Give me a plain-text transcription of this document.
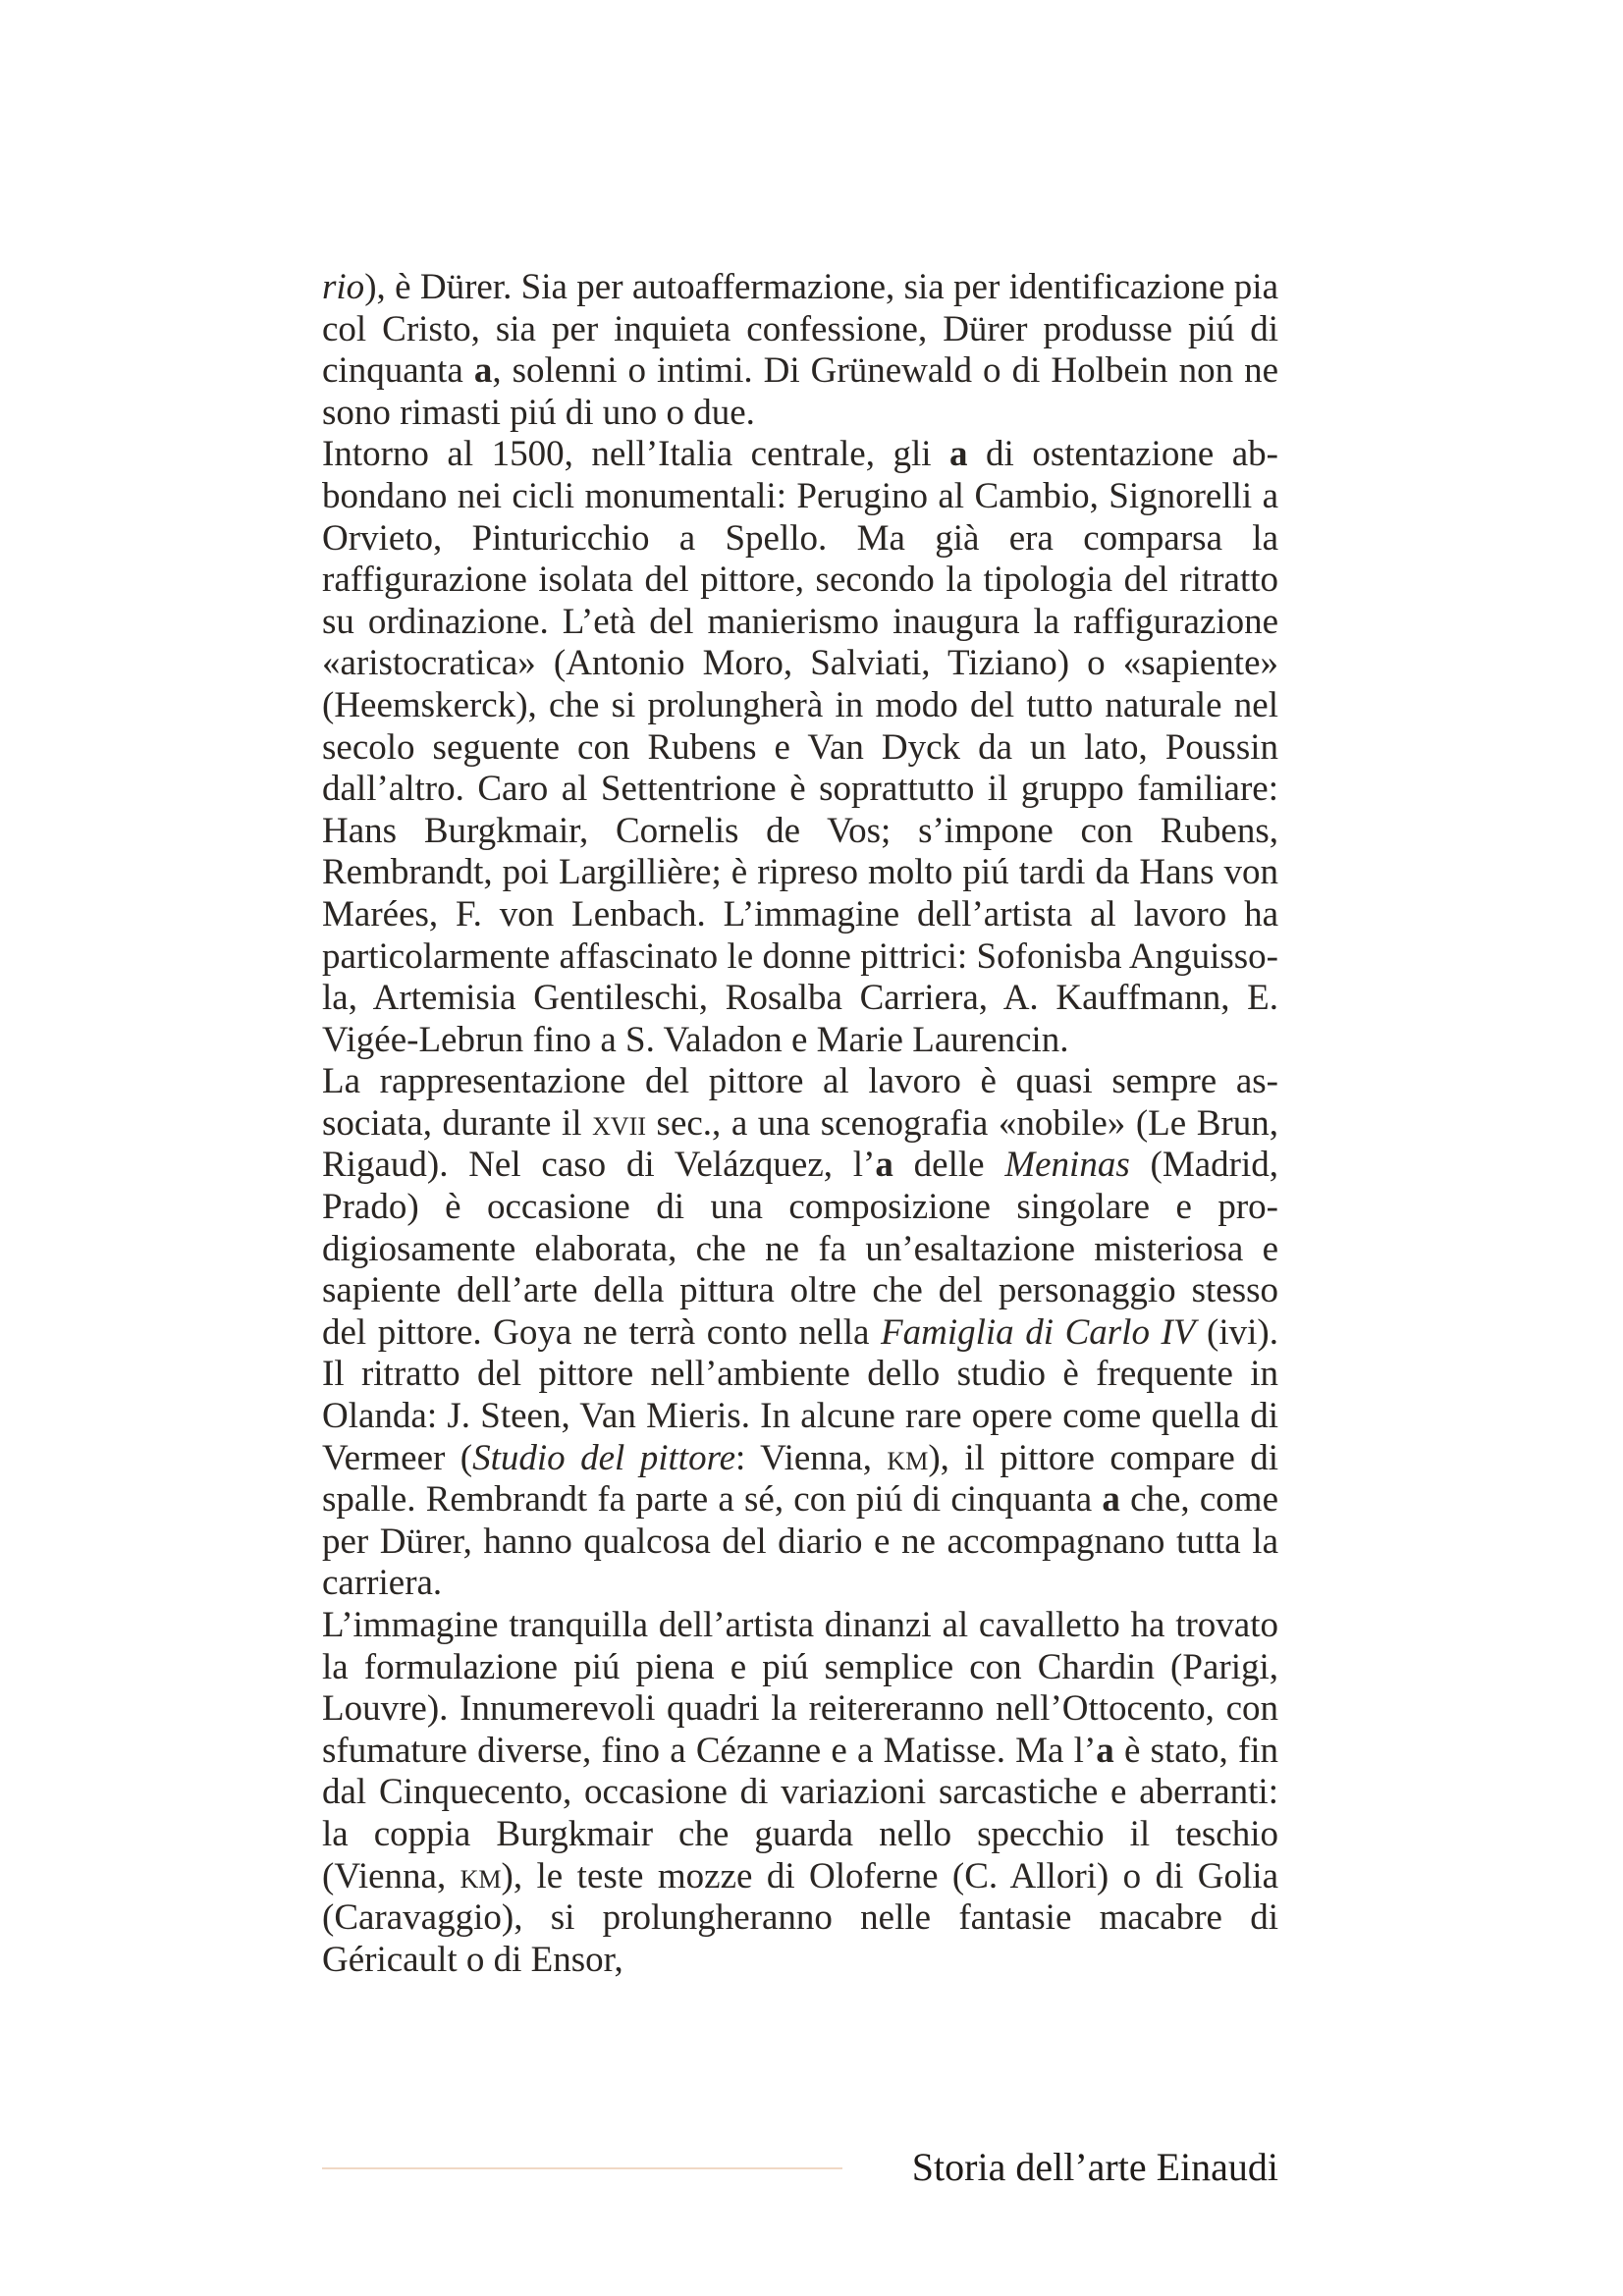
rio), è Dürer. Sia per autoaffermazione, sia per identificazione pia col Cristo, sia per inquieta confessione, Dürer produsse piú di cinquanta a, solenni o intimi. Di Grünewald o di Holbein non ne sono rimasti piú di uno o due.

Intorno al 1500, nell’Italia centrale, gli a di ostentazione abbondano nei cicli monumentali: Perugino al Cambio, Signorelli a Orvieto, Pinturicchio a Spello. Ma già era comparsa la raffigurazione isolata del pittore, secondo la tipologia del ritratto su ordinazione. L’età del manierismo inaugura la raffigurazione «aristocratica» (Antonio Moro, Salviati, Tiziano) o «sapiente» (Heemskerck), che si prolungherà in modo del tutto naturale nel secolo seguente con Rubens e Van Dyck da un lato, Poussin dall’altro. Caro al Settentrione è soprattutto il gruppo familiare: Hans Burgkmair, Cornelis de Vos; s’impone con Rubens, Rembrandt, poi Largillière; è ripreso molto piú tardi da Hans von Marées, F. von Lenbach. L’immagine dell’artista al lavoro ha particolarmente affascinato le donne pittrici: Sofonisba Anguissola, Artemisia Gentileschi, Rosalba Carriera, A. Kauffmann, E. Vigée-Lebrun fino a S. Valadon e Marie Laurencin.

La rappresentazione del pittore al lavoro è quasi sempre associata, durante il xvii sec., a una scenografia «nobile» (Le Brun, Rigaud). Nel caso di Velázquez, l’a delle Meninas (Madrid, Prado) è occasione di una composizione singolare e prodigiosamente elaborata, che ne fa un’esaltazione misteriosa e sapiente dell’arte della pittura oltre che del personaggio stesso del pittore. Goya ne terrà conto nella Famiglia di Carlo IV (ivi). Il ritratto del pittore nell’ambiente dello studio è frequente in Olanda: J. Steen, Van Mieris. In alcune rare opere come quella di Vermeer (Studio del pittore: Vienna, km), il pittore compare di spalle. Rembrandt fa parte a sé, con piú di cinquanta a che, come per Dürer, hanno qualcosa del diario e ne accompagnano tutta la carriera.

L’immagine tranquilla dell’artista dinanzi al cavalletto ha trovato la formulazione piú piena e piú semplice con Chardin (Parigi, Louvre). Innumerevoli quadri la reitereranno nell’Ottocento, con sfumature diverse, fino a Cézanne e a Matisse. Ma l’a è stato, fin dal Cinquecento, occasione di variazioni sarcastiche e aberranti: la coppia Burgkmair che guarda nello specchio il teschio (Vienna, km), le teste mozze di Oloferne (C. Allori) o di Golia (Caravaggio), si prolungheranno nelle fantasie macabre di Géricault o di Ensor,

Storia dell’arte Einaudi
